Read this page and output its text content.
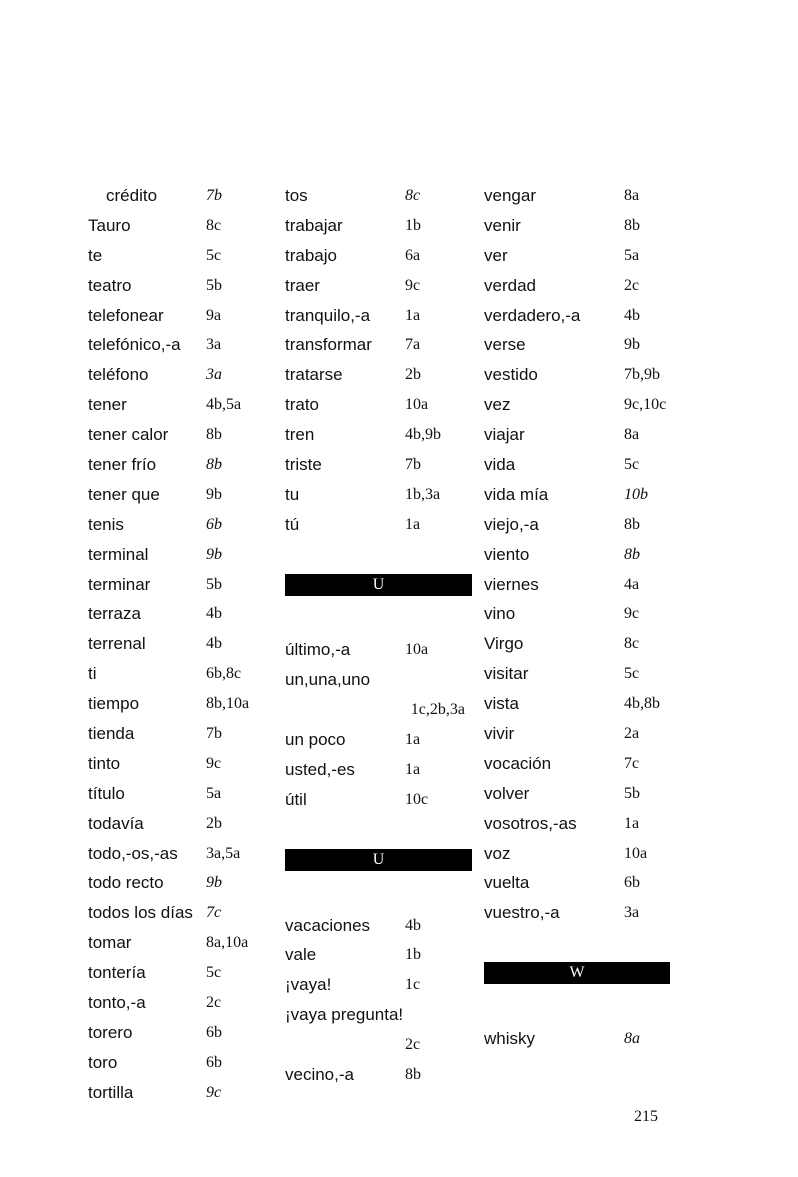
crédito	7b
Tauro	8c
te	5c
teatro	5b
telefonear	9a
telefónico,-a 3a
teléfono	3a
tener	4b,5a
tener calor 8b
tener frío	8b
tener que	9b
tenis	6b
terminal	9b
terminar	5b
terraza	4b
terrenal	4b
ti	6b,8c
tiempo	8b,10a
tienda	7b
tinto	9c
título	5a
todavía	2b
todo,-os,-as 3a,5a
todo recto	9b
todos los días 7c
tomar	8a,10a
tontería	5c
tonto,-a	2c
torero	6b
toro	6b
tortilla	9c
tos	8c
trabajar	1b
trabajo	6a
traer	9c
tranquilo,-a 1a
transformar 7a
tratarse	2b
trato	10a
tren	4b,9b
triste	7b
tu	1b,3a
tú	1a
U
último,-a	10a
un,una,uno
1c,2b,3a
un poco	1a
usted,-es	1a
útil	10c
U
vacaciones 4b
vale	1b
¡vaya!	1c
¡vaya pregunta!
2c
vecino,-a	8b
vengar	8a
venir	8b
ver	5a
verdad	2c
verdadero,-a	4b
verse	9b
vestido	7b,9b
vez	9c,10c
viajar	8a
vida	5c
vida mía	10b
viejo,-a	8b
viento	8b
viernes	4a
vino	9c
Virgo	8c
visitar	5c
vista	4b,8b
vivir	2a
vocación	7c
volver	5b
vosotros,-as	1a
voz	10a
vuelta	6b
vuestro,-a	3a
W
whisky	8a
215
